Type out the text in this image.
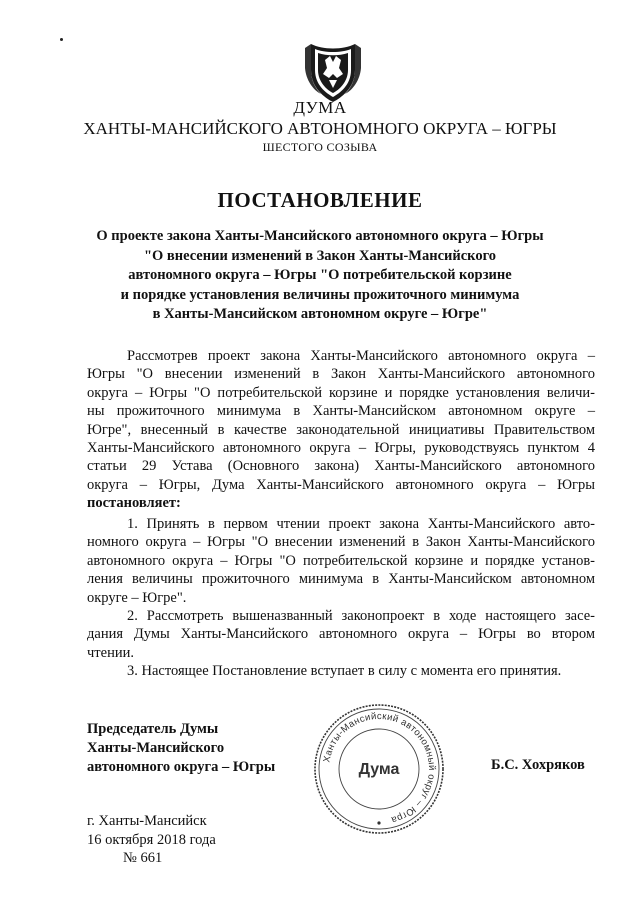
ДУМА
ХАНТЫ-МАНСИЙСКОГО АВТОНОМНОГО ОКРУГА – ЮГРЫ
ШЕСТОГО СОЗЫВА
ПОСТАНОВЛЕНИЕ
О проекте закона Ханты-Мансийского автономного округа – Югры
"О внесении изменений в Закон Ханты-Мансийского
автономного округа – Югры "О потребительской корзине
и порядке установления величины прожиточного минимума
в Ханты-Мансийском автономном округе – Югре"
Рассмотрев проект закона Ханты-Мансийского автономного округа –
Югры "О внесении изменений в Закон Ханты-Мансийского автономного
округа – Югры "О потребительской корзине и порядке установления величи-
ны прожиточного минимума в Ханты-Мансийском автономном округе –
Югре", внесенный в качестве законодательной инициативы Правительством
Ханты-Мансийского автономного округа – Югры, руководствуясь пунктом 4
статьи 29 Устава (Основного закона) Ханты-Мансийского автономного
округа – Югры, Дума Ханты-Мансийского автономного округа – Югры
постановляет:
1. Принять в первом чтении проект закона Ханты-Мансийского авто-
номного округа – Югры "О внесении изменений в Закон Ханты-Мансийского
автономного округа – Югры "О потребительской корзине и порядке установ-
ления величины прожиточного минимума в Ханты-Мансийском автономном
округе – Югре".
2. Рассмотреть вышеназванный законопроект в ходе настоящего засе-
дания Думы Ханты-Мансийского автономного округа – Югры во втором
чтении.
3. Настоящее Постановление вступает в силу с момента его принятия.
Председатель Думы
Ханты-Мансийского
автономного округа – Югры
Ханты-Мансийский автономный округ – Югра
Дума	Б.С. Хохряков
г. Ханты-Мансийск
16 октября 2018 года
№ 661
